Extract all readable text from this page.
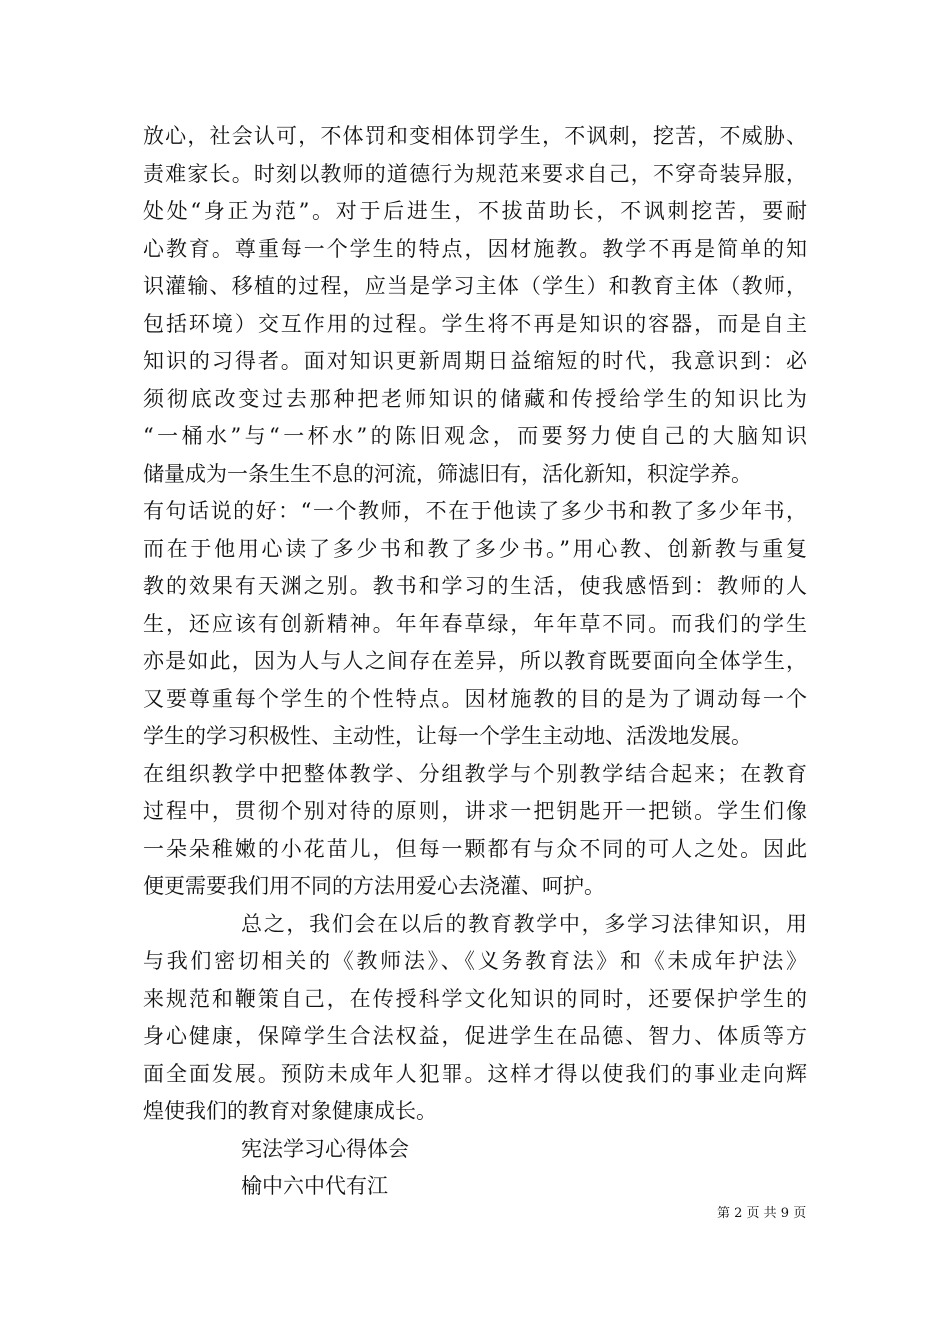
放心，社会认可，不体罚和变相体罚学生，不讽刺，挖苦，不威胁、
责难家长。时刻以教师的道德行为规范来要求自己，不穿奇装异服，
处处“身正为范”。对于后进生，不拔苗助长，不讽刺挖苦，要耐
心教育。尊重每一个学生的特点，因材施教。教学不再是简单的知
识灌输、移植的过程，应当是学习主体（学生）和教育主体（教师，
包括环境）交互作用的过程。学生将不再是知识的容器，而是自主
知识的习得者。面对知识更新周期日益缩短的时代，我意识到：必
须彻底改变过去那种把老师知识的储藏和传授给学生的知识比为
“一桶水”与“一杯水”的陈旧观念，而要努力使自己的大脑知识
储量成为一条生生不息的河流，筛滤旧有，活化新知，积淀学养。
有句话说的好：“一个教师，不在于他读了多少书和教了多少年书，
而在于他用心读了多少书和教了多少书。”用心教、创新教与重复
教的效果有天渊之别。教书和学习的生活，使我感悟到：教师的人
生，还应该有创新精神。年年春草绿，年年草不同。而我们的学生
亦是如此，因为人与人之间存在差异，所以教育既要面向全体学生，
又要尊重每个学生的个性特点。因材施教的目的是为了调动每一个
学生的学习积极性、主动性，让每一个学生主动地、活泼地发展。
在组织教学中把整体教学、分组教学与个别教学结合起来；在教育
过程中，贯彻个别对待的原则，讲求一把钥匙开一把锁。学生们像
一朵朵稚嫩的小花苗儿，但每一颗都有与众不同的可人之处。因此
便更需要我们用不同的方法用爱心去浇灌、呵护。
总之，我们会在以后的教育教学中，多学习法律知识，用
与我们密切相关的《教师法》、《义务教育法》和《未成年护法》
来规范和鞭策自己，在传授科学文化知识的同时，还要保护学生的
身心健康，保障学生合法权益，促进学生在品德、智力、体质等方
面全面发展。预防未成年人犯罪。这样才得以使我们的事业走向辉
煌使我们的教育对象健康成长。
宪法学习心得体会
榆中六中代有江
第 2 页 共 9 页
